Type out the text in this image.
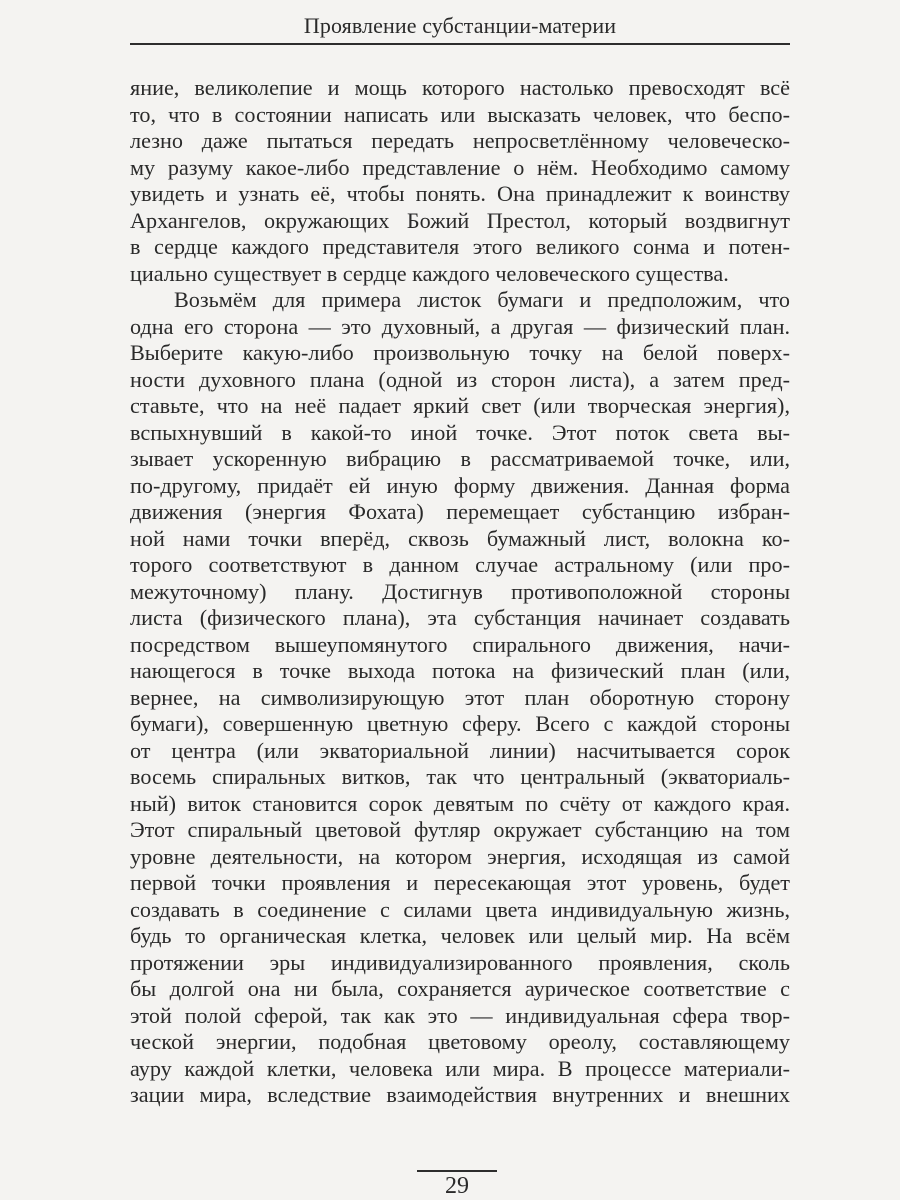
Проявление субстанции-материи
яние, великолепие и мощь которого настолько превосходят всё
то, что в состоянии написать или высказать человек, что беспо-
лезно даже пытаться передать непросветлённому человеческо-
му разуму какое-либо представление о нём. Необходимо самому
увидеть и узнать её, чтобы понять. Она принадлежит к воинству
Архангелов, окружающих Божий Престол, который воздвигнут
в сердце каждого представителя этого великого сонма и потен-
циально существует в сердце каждого человеческого существа.
Возьмём для примера листок бумаги и предположим, что
одна его сторона — это духовный, а другая — физический план.
Выберите какую-либо произвольную точку на белой поверх-
ности духовного плана (одной из сторон листа), а затем пред-
ставьте, что на неё падает яркий свет (или творческая энергия),
вспыхнувший в какой-то иной точке. Этот поток света вы-
зывает ускоренную вибрацию в рассматриваемой точке, или,
по-другому, придаёт ей иную форму движения. Данная форма
движения (энергия Фохата) перемещает субстанцию избран-
ной нами точки вперёд, сквозь бумажный лист, волокна ко-
торого соответствуют в данном случае астральному (или про-
межуточному) плану. Достигнув противоположной стороны
листа (физического плана), эта субстанция начинает создавать
посредством вышеупомянутого спирального движения, начи-
нающегося в точке выхода потока на физический план (или,
вернее, на символизирующую этот план оборотную сторону
бумаги), совершенную цветную сферу. Всего с каждой стороны
от центра (или экваториальной линии) насчитывается сорок
восемь спиральных витков, так что центральный (экваториаль-
ный) виток становится сорок девятым по счёту от каждого края.
Этот спиральный цветовой футляр окружает субстанцию на том
уровне деятельности, на котором энергия, исходящая из самой
первой точки проявления и пересекающая этот уровень, будет
создавать в соединение с силами цвета индивидуальную жизнь,
будь то органическая клетка, человек или целый мир. На всём
протяжении эры индивидуализированного проявления, сколь
бы долгой она ни была, сохраняется аурическое соответствие с
этой полой сферой, так как это — индивидуальная сфера твор-
ческой энергии, подобная цветовому ореолу, составляющему
ауру каждой клетки, человека или мира. В процессе материали-
зации мира, вследствие взаимодействия внутренних и внешних
29
